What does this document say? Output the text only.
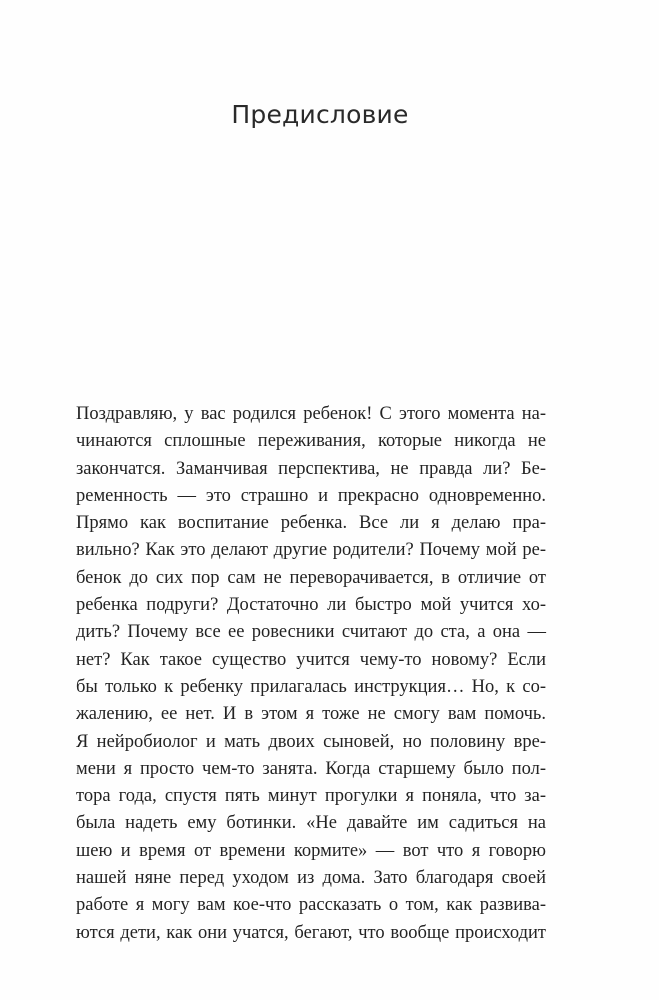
Предисловие
Поздравляю, у вас родился ребенок! С этого момента на-
чинаются сплошные переживания, которые никогда не
закончатся. Заманчивая перспектива, не правда ли? Бе-
ременность — это страшно и прекрасно одновременно.
Прямо как воспитание ребенка. Все ли я делаю пра-
вильно? Как это делают другие родители? Почему мой ре-
бенок до сих пор сам не переворачивается, в отличие от
ребенка подруги? Достаточно ли быстро мой учится хо-
дить? Почему все ее ровесники считают до ста, а она —
нет? Как такое существо учится чему-то новому? Если
бы только к ребенку прилагалась инструкция… Но, к со-
жалению, ее нет. И в этом я тоже не смогу вам помочь.
Я нейробиолог и мать двоих сыновей, но половину вре-
мени я просто чем-то занята. Когда старшему было пол-
тора года, спустя пять минут прогулки я поняла, что за-
была надеть ему ботинки. «Не давайте им садиться на
шею и время от времени кормите» — вот что я говорю
нашей няне перед уходом из дома. Зато благодаря своей
работе я могу вам кое-что рассказать о том, как развива-
ются дети, как они учатся, бегают, что вообще происходит
